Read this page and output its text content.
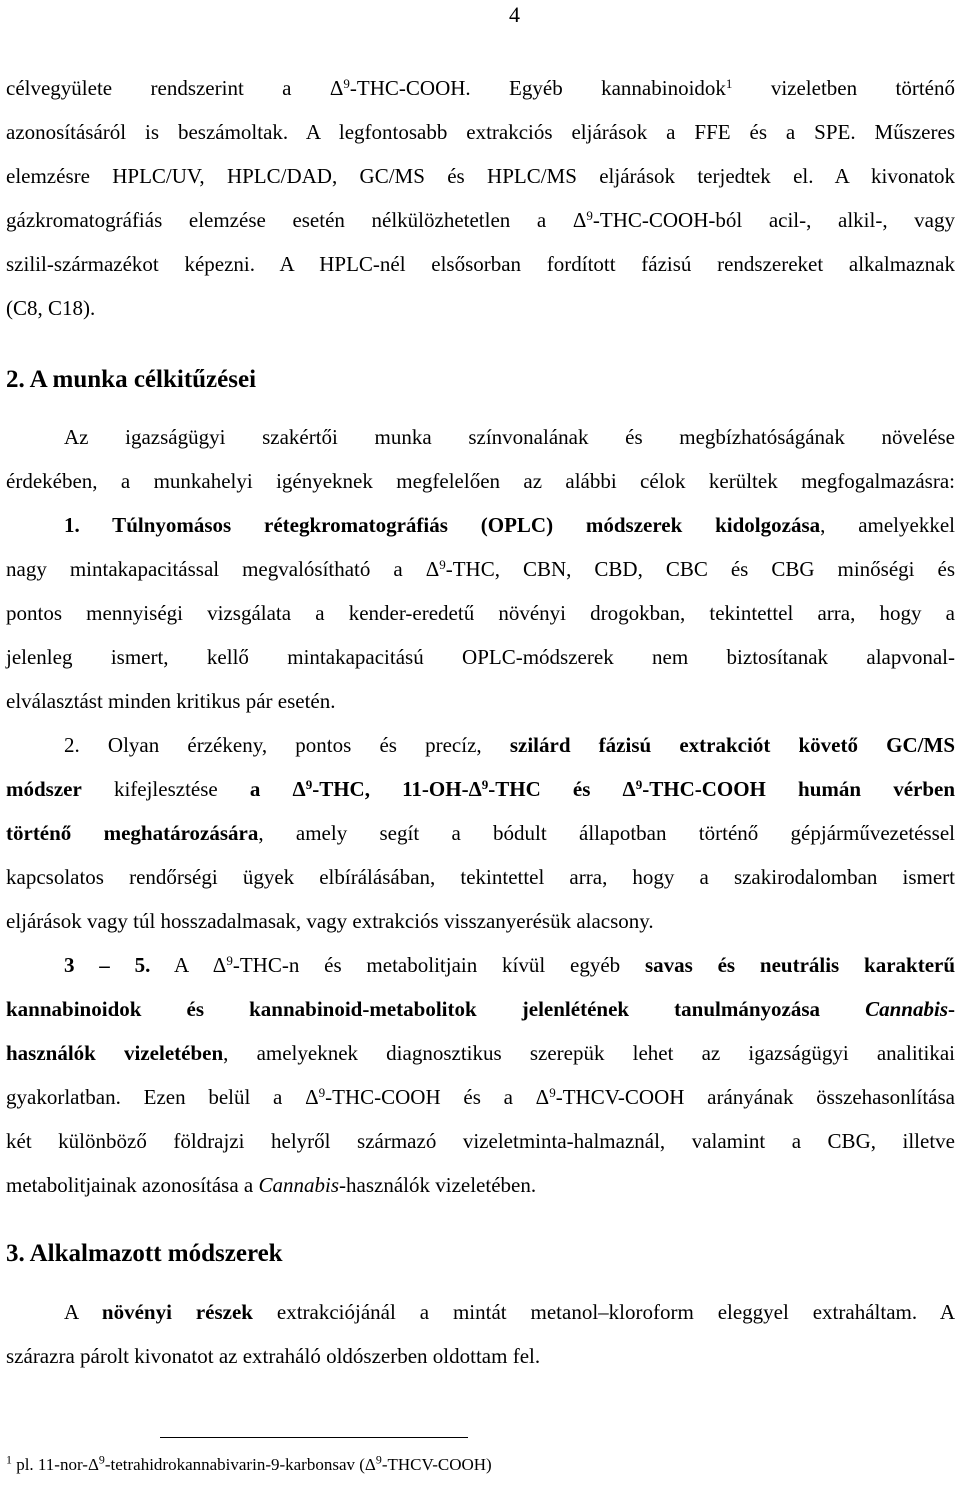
4
célvegyülete rendszerint a $\Delta^9-THC$-COOH. Egyéb kannabinoidok$^1$ vizeletben történő
azonosításáról is beszámoltak. A legfontosabb extrakciós eljárások a FFE és a SPE. Műszeres
elemzésre HPLC/UV, HPLC/DAD, GC/MS és HPLC/MS eljárások terjedtek el. A kivonatok
gázkromatográfiás elemzése esetén nélkülözhetetlen a $\Delta^9-THC-COOH$-ból acil-, alkil-, vagy
szilil-származékot képezni. A HPLC-nél elsősorban fordított fázisú rendszereket alkalmaznak
(C8, C18).
2. A munka célkitűzései
Az igazságügyi szakértői munka színvonalának és megbízhatóságának növelése
érdekében, a munkahelyi igényeknek megfelelően az alábbi célok kerültek megfogalmazásra:
1. Túlnyomásos rétegkromatográfiás (OPLC) módszerek kidolgozása, amelyekkel
nagy mintakapacitással megvalósítható a $\Delta^9$-THC, CBN, CBD, CBC és CBG minőségi és
pontos mennyiségi vizsgálata a kender-eredetű növényi drogokban, tekintettel arra, hogy a
jelenleg ismert, kellő mintakapacitású OPLC-módszerek nem biztosítanak alapvonal-
elválasztást minden kritikus pár esetén.
2. Olyan érzékeny, pontos és precíz, szilárd fázisú extrakciót követő GC/MS
módszer kifejlesztése a $\Delta^9$-THC, $11-OH-\Delta^9$-THC és $\Delta^9-THC$-COOH humán vérben
történő meghatározására, amely segít a bódult állapotban történő gépjárművezetéssel
kapcsolatos rendőrségi ügyek elbírálásában, tekintettel arra, hogy a szakirodalomban ismert
eljárások vagy túl hosszadalmasak, vagy extrakciós visszanyerésük alacsony.
3 – 5. A $\Delta^9-THC-n$ és metabolitjain kívül egyéb savas és neutrális karakterű
kannabinoidok és kannabinoid-metabolitok jelenlétének tanulmányozása Cannabis-
használók vizeletében, amelyeknek diagnosztikus szerepük lehet az igazságügyi analitikai
gyakorlatban. Ezen belül a $\Delta^9-THC$-COOH és a $\Delta^9-THCV$-COOH arányának összehasonlítása
két különböző földrajzi helyről származó vizeletminta-halmaznál, valamint a CBG, illetve
metabolitjainak azonosítása a Cannabis-használók vizeletében.
3. Alkalmazott módszerek
A növényi részek extrakciójánál a mintát metanol–kloroform eleggyel extraháltam. A
szárazra párolt kivonatot az extraháló oldószerben oldottam fel.
$^1$ pl. $11-nor-\Delta^9-tetrahidrokannabivarin-9$-karbonsav $(\Delta^9-THCV-COOH)$
